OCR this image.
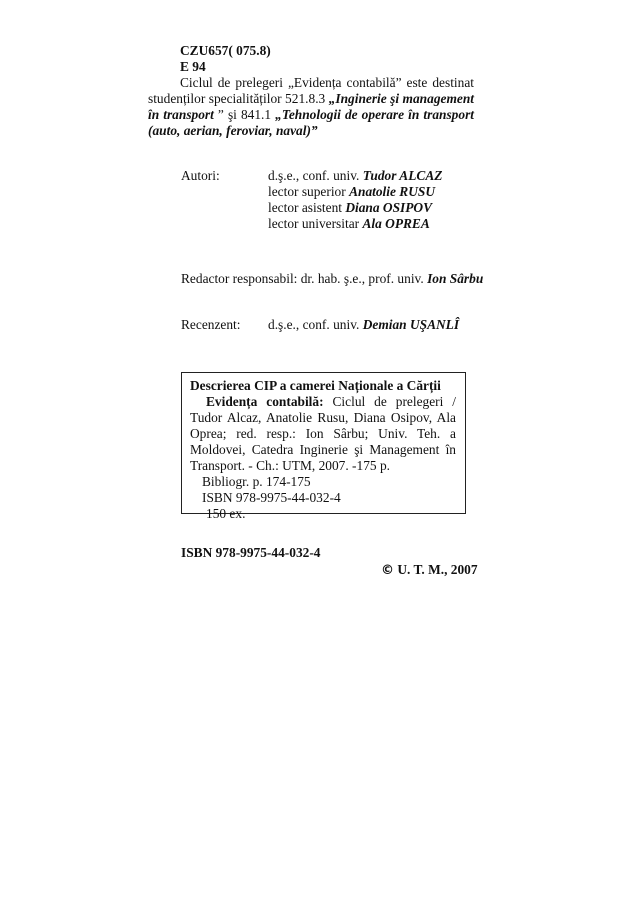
CZU657( 075.8)
E 94
Ciclul de prelegeri „Evidența contabilă” este destinat
studenților specialităților 521.8.3 „Inginerie şi management
în transport ” şi 841.1 „Tehnologii de operare în transport
(auto, aerian, feroviar, naval)”
Autori:	d.ş.e., conf. univ. Tudor ALCAZ
lector superior Anatolie RUSU
lector asistent Diana OSIPOV
lector universitar Ala OPREA
Redactor responsabil: dr. hab. ş.e., prof. univ. Ion Sârbu
Recenzent: d.ş.e., conf. univ. Demian UŞANLÎ
Descrierea CIP a camerei Naționale a Cărții
Evidența contabilă: Ciclul de prelegeri /
Tudor Alcaz, Anatolie Rusu, Diana Osipov, Ala
Oprea; red. resp.: Ion Sârbu; Univ. Teh. a
Moldovei, Catedra Inginerie şi Management în
Transport. - Ch.: UTM, 2007. -175 p.
Bibliogr. p. 174-175
ISBN 978-9975-44-032-4
150 ex.
ISBN 978-9975-44-032-4
© U. T. M., 2007
